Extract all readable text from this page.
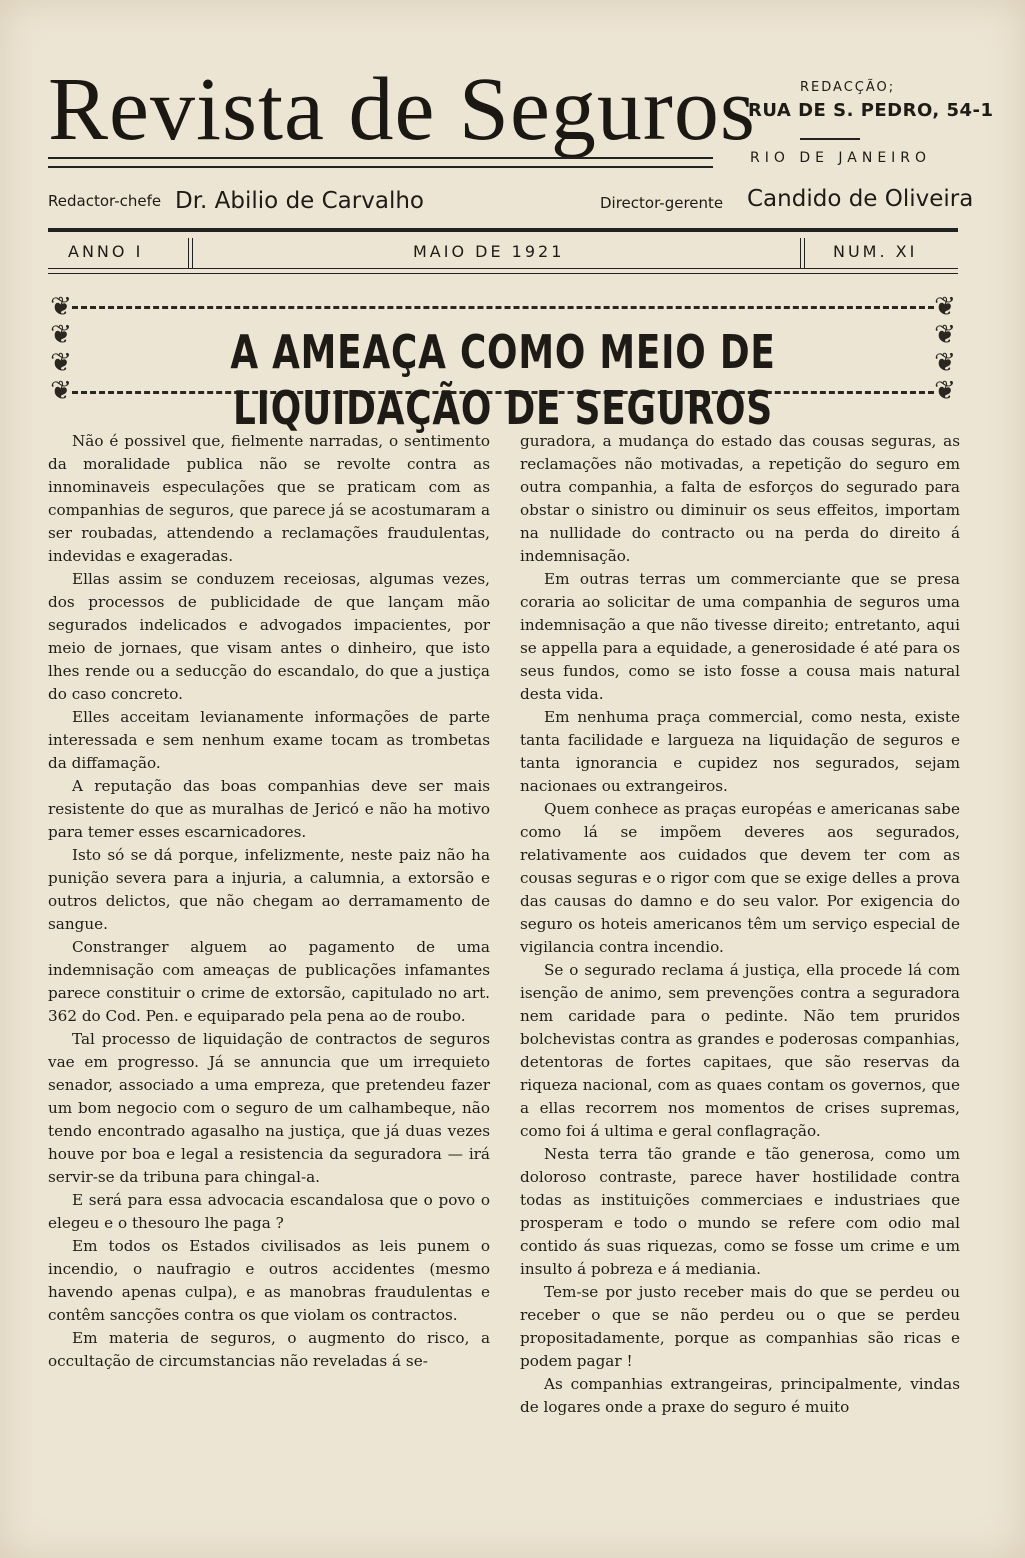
Revista de Seguros	REDACÇÃO;
RUA DE S. PEDRO, 54-1
RIO DE JANEIRO
Redactor-chefe Dr. Abilio de Carvalho	Director-gerente Candido de Oliveira
ANNO I	MAIO DE 1921	NUM. XI
❦
❦
❦
❦
❦
❦
❦
❦
A AMEAÇA COMO MEIO DE LIQUIDAÇÃO DE SEGUROS

Não é possivel que, fielmente narradas, o sentimento da moralidade publica não se revolte contra as innominaveis especulações que se praticam com as companhias de seguros, que parece já se acostumaram a ser roubadas, attendendo a reclamações fraudulentas, indevidas e exageradas.

Ellas assim se conduzem receiosas, algumas vezes, dos processos de publicidade de que lançam mão segurados indelicados e advogados impacientes, por meio de jornaes, que visam antes o dinheiro, que isto lhes rende ou a seducção do escandalo, do que a justiça do caso concreto.

Elles acceitam levianamente informações de parte interessada e sem nenhum exame tocam as trombetas da diffamação.

A reputação das boas companhias deve ser mais resistente do que as muralhas de Jericó e não ha motivo para temer esses escarnicadores.

Isto só se dá porque, infelizmente, neste paiz não ha punição severa para a injuria, a calumnia, a extorsão e outros delictos, que não chegam ao derramamento de sangue.

Constranger alguem ao pagamento de uma indemnisação com ameaças de publicações infamantes parece constituir o crime de extorsão, capitulado no art. 362 do Cod. Pen. e equiparado pela pena ao de roubo.

Tal processo de liquidação de contractos de seguros vae em progresso. Já se annuncia que um irrequieto senador, associado a uma empreza, que pretendeu fazer um bom negocio com o seguro de um calhambeque, não tendo encontrado agasalho na justiça, que já duas vezes houve por boa e legal a resistencia da seguradora — irá servir-se da tribuna para chingal-a.

E será para essa advocacia escandalosa que o povo o elegeu e o thesouro lhe paga ?

Em todos os Estados civilisados as leis punem o incendio, o naufragio e outros accidentes (mesmo havendo apenas culpa), e as manobras fraudulentas e contêm sancções contra os que violam os contractos.

Em materia de seguros, o augmento do risco, a occultação de circumstancias não reveladas á se-

guradora, a mudança do estado das cousas seguras, as reclamações não motivadas, a repetição do seguro em outra companhia, a falta de esforços do segurado para obstar o sinistro ou diminuir os seus effeitos, importam na nullidade do contracto ou na perda do direito á indemnisação.

Em outras terras um commerciante que se presa coraria ao solicitar de uma companhia de seguros uma indemnisação a que não tivesse direito; entretanto, aqui se appella para a equidade, a generosidade é até para os seus fundos, como se isto fosse a cousa mais natural desta vida.

Em nenhuma praça commercial, como nesta, existe tanta facilidade e largueza na liquidação de seguros e tanta ignorancia e cupidez nos segurados, sejam nacionaes ou extrangeiros.

Quem conhece as praças européas e americanas sabe como lá se impõem deveres aos segurados, relativamente aos cuidados que devem ter com as cousas seguras e o rigor com que se exige delles a prova das causas do damno e do seu valor. Por exigencia do seguro os hoteis americanos têm um serviço especial de vigilancia contra incendio.

Se o segurado reclama á justiça, ella procede lá com isenção de animo, sem prevenções contra a seguradora nem caridade para o pedinte. Não tem pruridos bolchevistas contra as grandes e poderosas companhias, detentoras de fortes capitaes, que são reservas da riqueza nacional, com as quaes contam os governos, que a ellas recorrem nos momentos de crises supremas, como foi á ultima e geral conflagração.

Nesta terra tão grande e tão generosa, como um doloroso contraste, parece haver hostilidade contra todas as instituições commerciaes e industriaes que prosperam e todo o mundo se refere com odio mal contido ás suas riquezas, como se fosse um crime e um insulto á pobreza e á mediania.

Tem-se por justo receber mais do que se perdeu ou receber o que se não perdeu ou o que se perdeu propositadamente, porque as companhias são ricas e podem pagar !

As companhias extrangeiras, principalmente, vindas de logares onde a praxe do seguro é muito
